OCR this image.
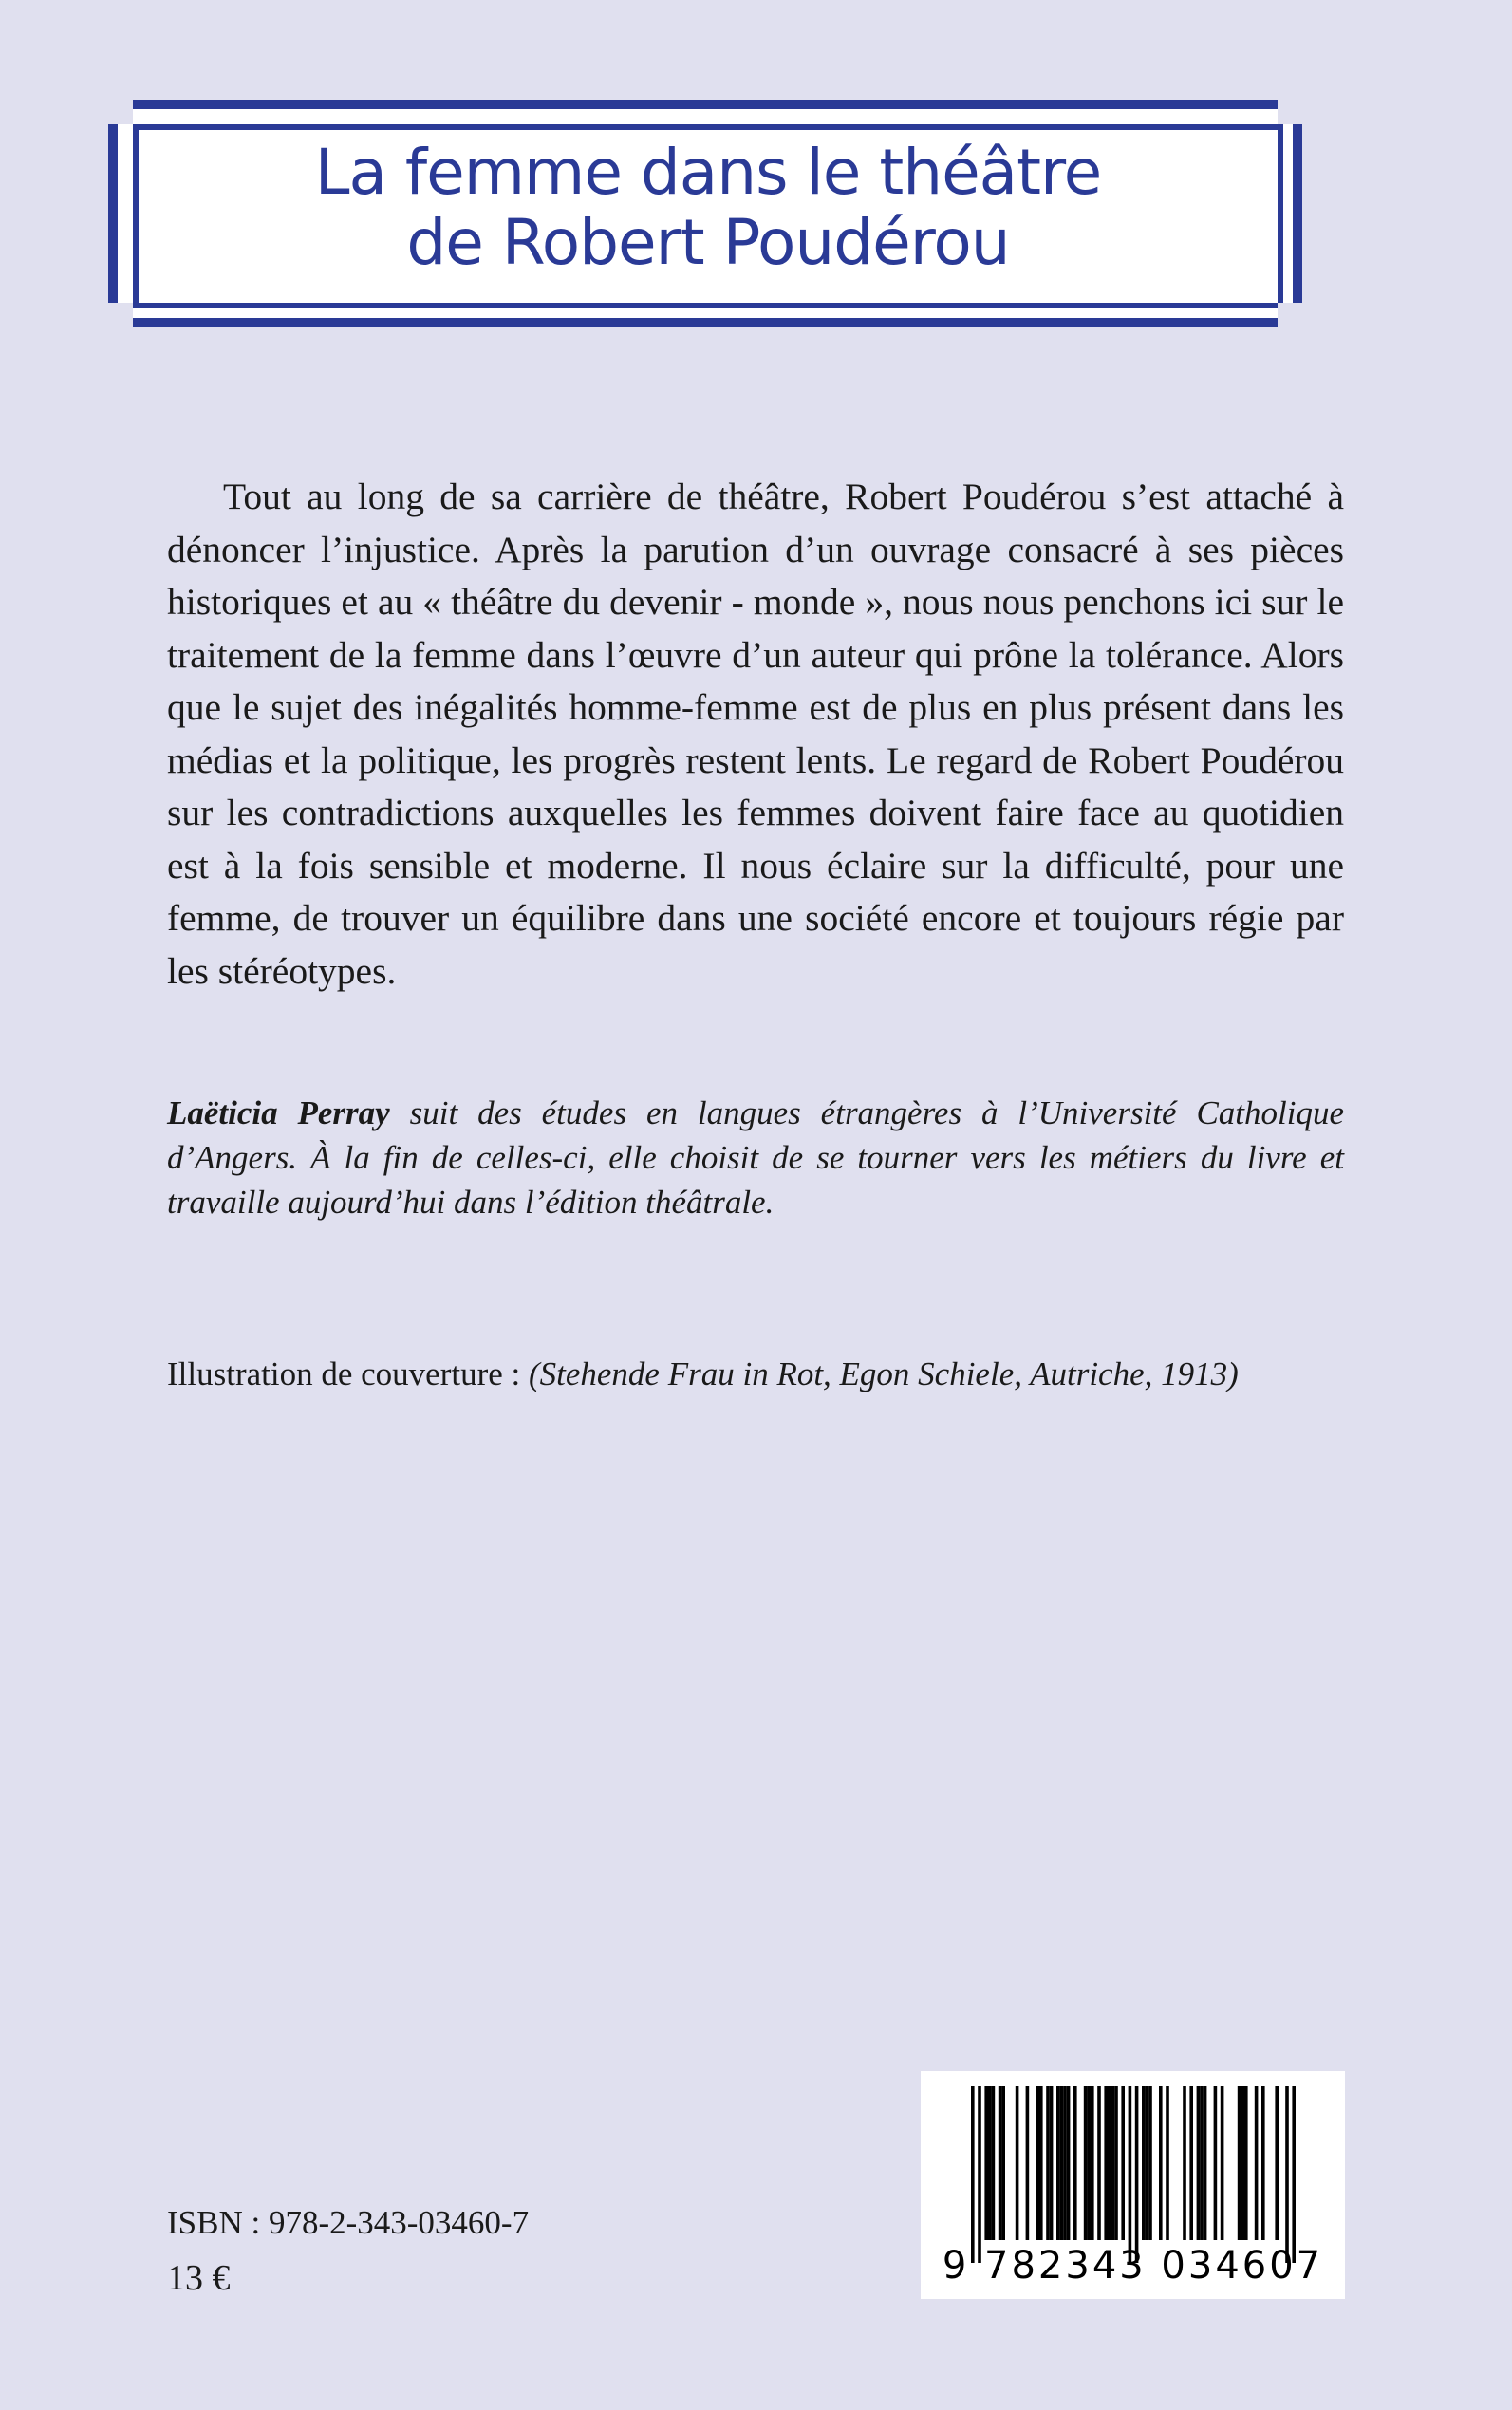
La femme dans le théâtre
de Robert Poudérou

Tout au long de sa carrière de théâtre, Robert Poudérou s’est attaché à dénoncer l’injustice. Après la parution d’un ouvrage consacré à ses pièces historiques et au « théâtre du devenir - monde », nous nous penchons ici sur le traitement de la femme dans l’œuvre d’un auteur qui prône la tolérance. Alors que le sujet des inégalités homme-femme est de plus en plus présent dans les médias et la politique, les progrès restent lents. Le regard de Robert Poudérou sur les contradictions auxquelles les femmes doivent faire face au quotidien est à la fois sensible et moderne. Il nous éclaire sur la difficulté, pour une femme, de trouver un équilibre dans une société encore et toujours régie par les stéréotypes.

Laëticia Perray suit des études en langues étrangères à l’Université Catholique d’Angers. À la fin de celles-ci, elle choisit de se tourner vers les métiers du livre et travaille aujourd’hui dans l’édition théâtrale.

Illustration de couverture : (Stehende Frau in Rot, Egon Schiele, Autriche, 1913)
ISBN : 978-2-343-03460-7
13 €	9 782343 034607
